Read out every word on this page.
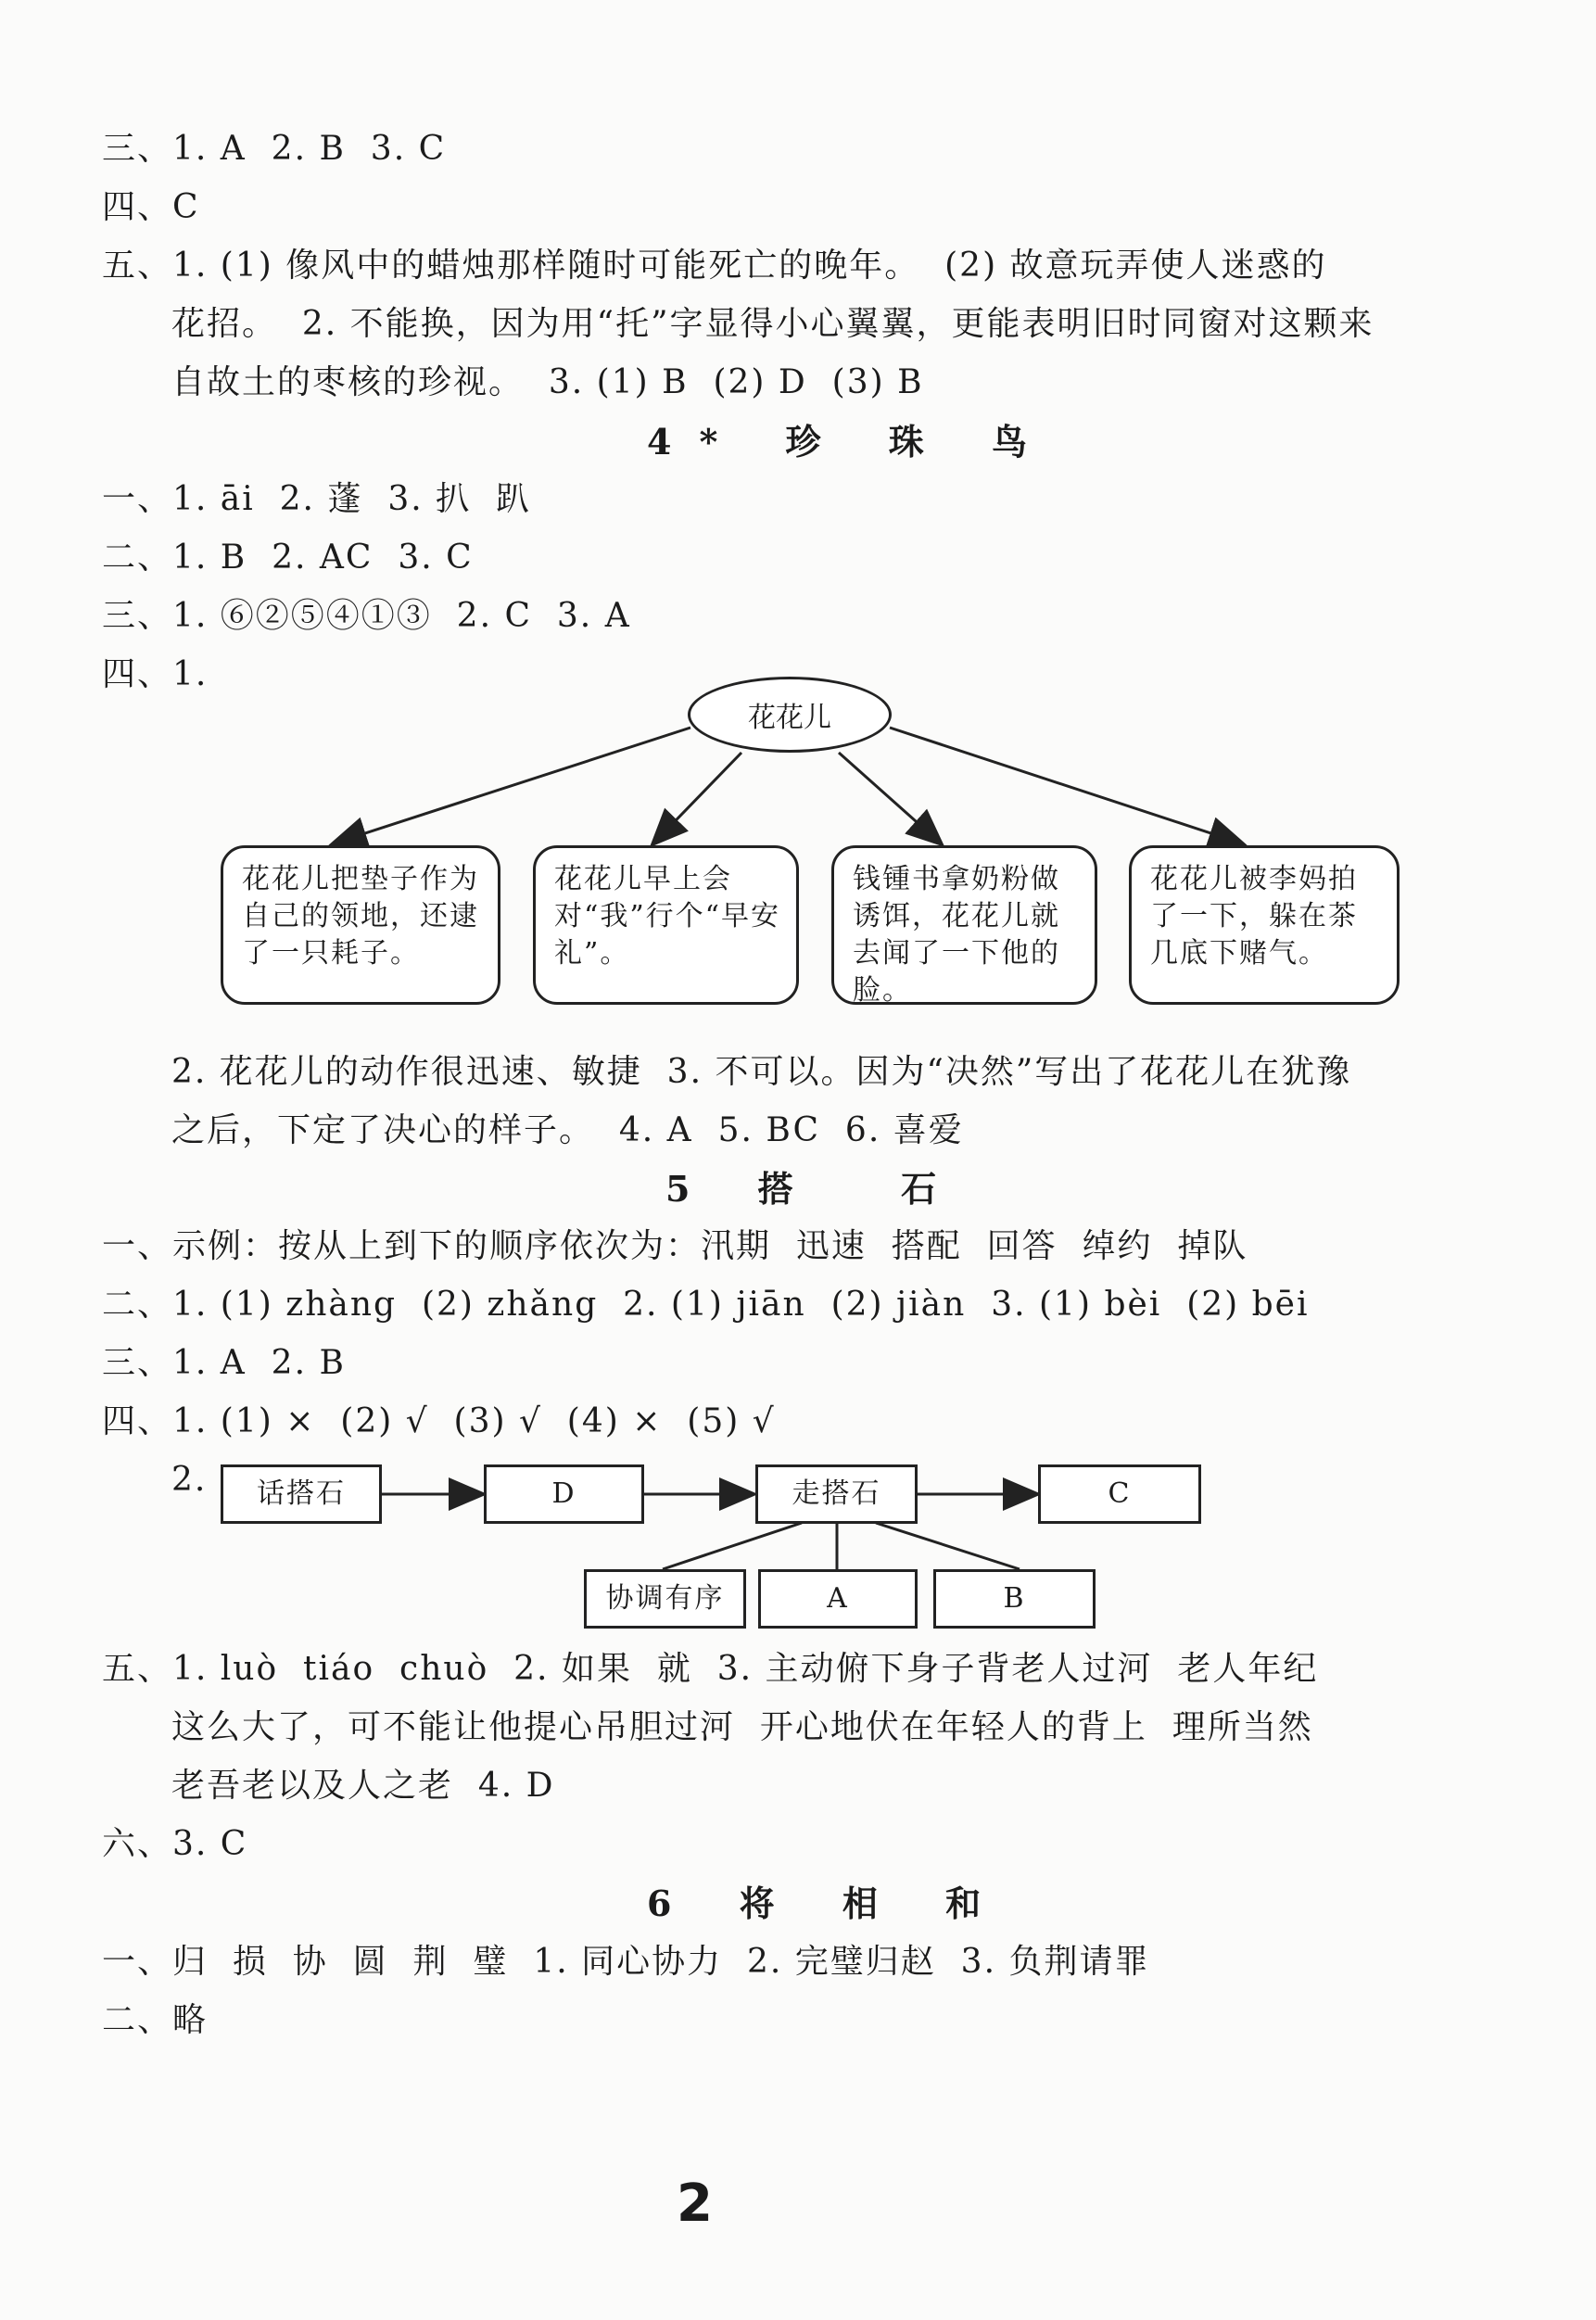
三、1. A  2. B  3. C
四、C
五、1. (1) 像风中的蜡烛那样随时可能死亡的晚年。  (2) 故意玩弄使人迷惑的
花招。  2. 不能换，因为用“托”字显得小心翼翼，更能表明旧时同窗对这颗来
自故土的枣核的珍视。  3. (1) B  (2) D  (3) B
4* 珍 珠 鸟
一、1. āi  2. 蓬  3. 扒  趴
二、1. B  2. AC  3. C
三、1. ⑥②⑤④①③  2. C  3. A
四、1.
花花儿
花花儿把垫子作为自己的领地，还逮了一只耗子。
花花儿早上会对“我”行个“早安礼”。
钱锺书拿奶粉做诱饵，花花儿就去闻了一下他的脸。
花花儿被李妈拍了一下，躲在茶几底下赌气。
2. 花花儿的动作很迅速、敏捷  3. 不可以。因为“决然”写出了花花儿在犹豫
之后，下定了决心的样子。  4. A  5. BC  6. 喜爱
5 搭  石
一、示例：按从上到下的顺序依次为：汛期  迅速  搭配  回答  绰约  掉队
二、1. (1) zhàng  (2) zhǎng  2. (1) jiān  (2) jiàn  3. (1) bèi  (2) bēi
三、1. A  2. B
四、1. (1) ×  (2) √  (3) √  (4) ×  (5) √
2.	话搭石	D	走搭石	C
协调有序	A	B
五、1. luò  tiáo  chuò  2. 如果  就  3. 主动俯下身子背老人过河  老人年纪
这么大了，可不能让他提心吊胆过河  开心地伏在年轻人的背上  理所当然
老吾老以及人之老  4. D
六、3. C
6 将 相 和
一、归  损  协  圆  荆  璧  1. 同心协力  2. 完璧归赵  3. 负荆请罪
二、略
2
